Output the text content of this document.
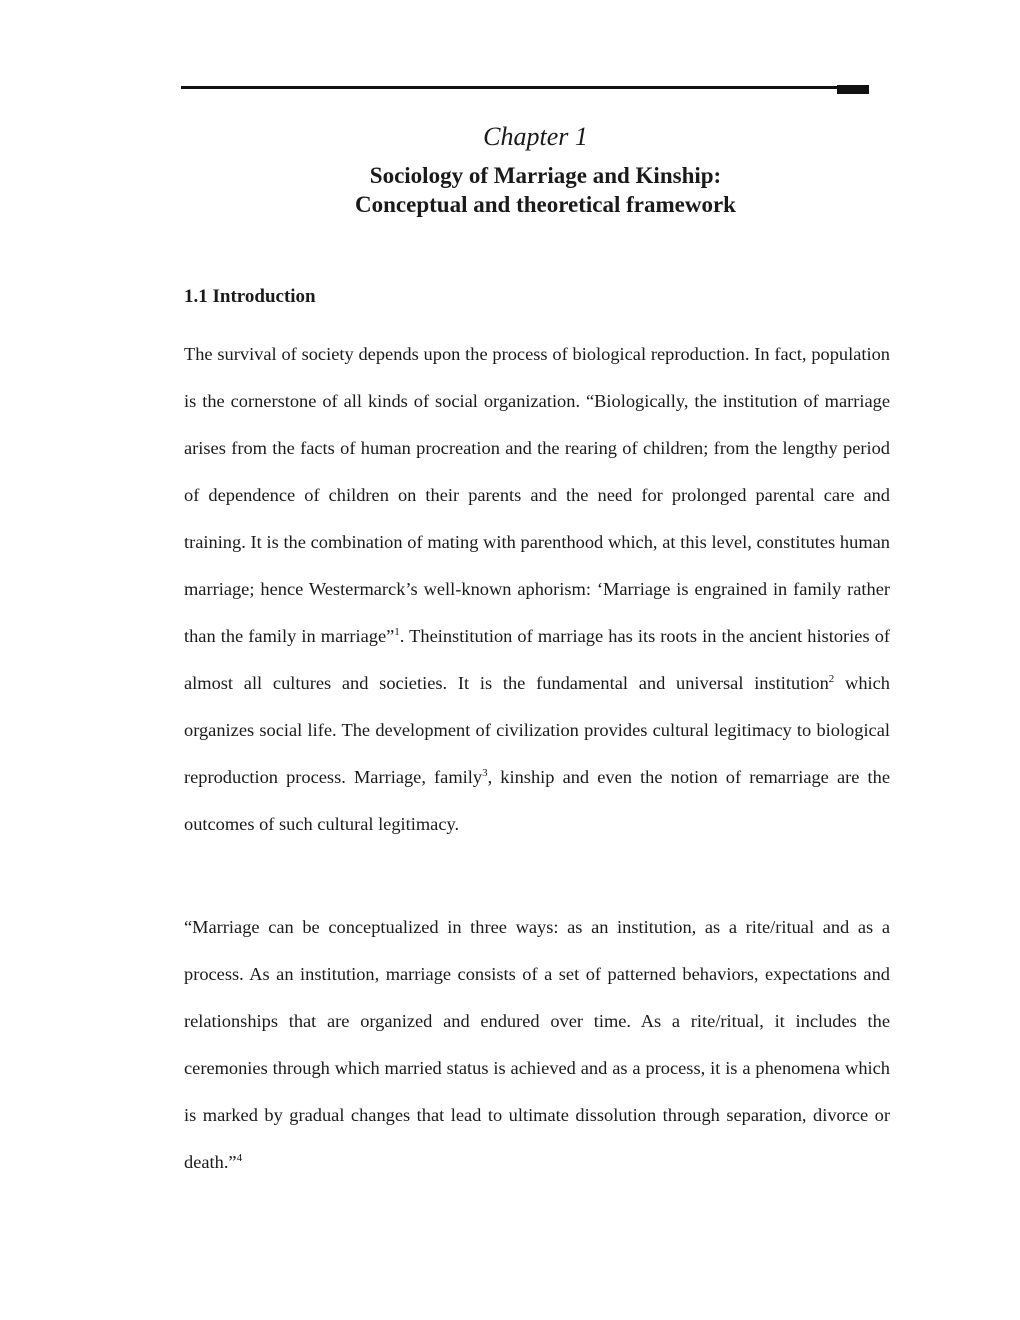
Chapter 1
Sociology of Marriage and Kinship:
Conceptual and theoretical framework
1.1 Introduction

The survival of society depends upon the process of biological reproduction. In fact, population is the cornerstone of all kinds of social organization. “Biologically, the institution of marriage arises from the facts of human procreation and the rearing of children; from the lengthy period of dependence of children on their parents and the need for prolonged parental care and training. It is the combination of mating with parenthood which, at this level, constitutes human marriage; hence Westermarck’s well-known aphorism: ‘Marriage is engrained in family rather than the family in marriage”$^1$. Theinstitution of marriage has its roots in the ancient histories of almost all cultures and societies. It is the fundamental and universal institution$^2$ which organizes social life. The development of civilization provides cultural legitimacy to biological reproduction process. Marriage, family$^3$, kinship and even the notion of remarriage are the outcomes of such cultural legitimacy.

“Marriage can be conceptualized in three ways: as an institution, as a rite/ritual and as a process. As an institution, marriage consists of a set of patterned behaviors, expectations and relationships that are organized and endured over time. As a rite/ritual, it includes the ceremonies through which married status is achieved and as a process, it is a phenomena which is marked by gradual changes that lead to ultimate dissolution through separation, divorce or death.”$^4$
